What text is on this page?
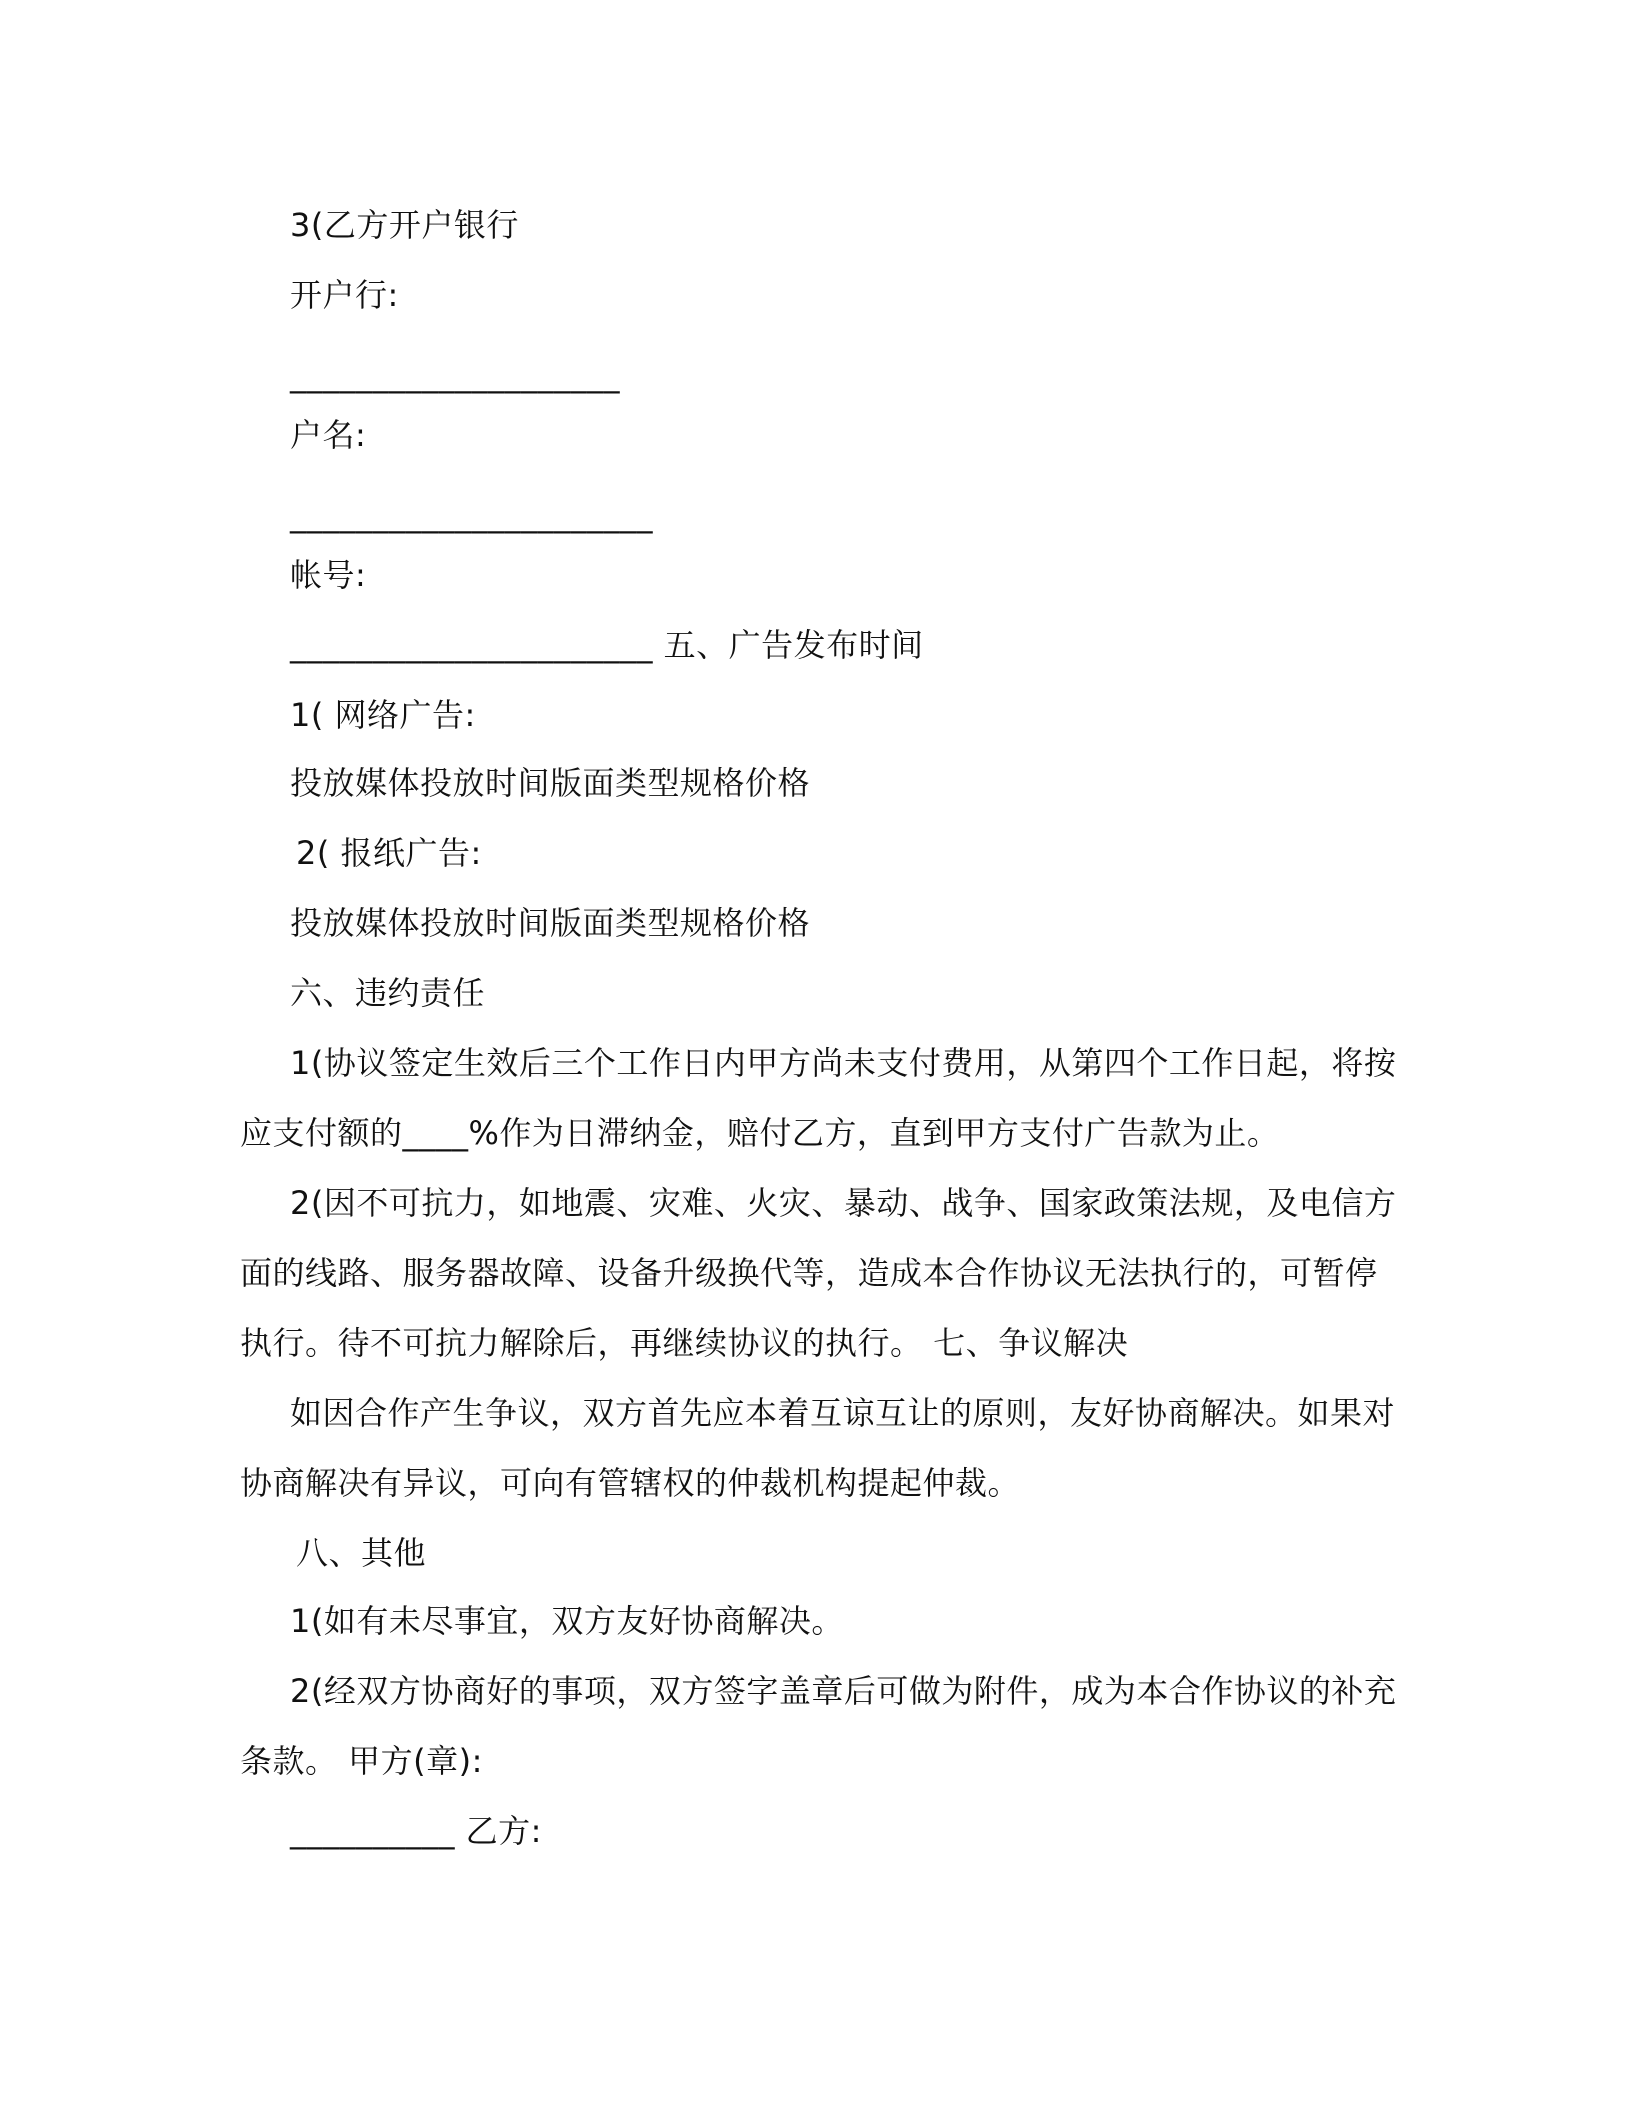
3(乙方开户银行
开户行:
____________________
户名:
______________________
帐号:
______________________ 五、广告发布时间
1( 网络广告:
投放媒体投放时间版面类型规格价格
2( 报纸广告:
投放媒体投放时间版面类型规格价格
六、违约责任
1(协议签定生效后三个工作日内甲方尚未支付费用，从第四个工作日起，将按
应支付额的____%作为日滞纳金，赔付乙方，直到甲方支付广告款为止。
2(因不可抗力，如地震、灾难、火灾、暴动、战争、国家政策法规，及电信方
面的线路、服务器故障、设备升级换代等，造成本合作协议无法执行的，可暂停
执行。待不可抗力解除后，再继续协议的执行。 七、争议解决
如因合作产生争议，双方首先应本着互谅互让的原则，友好协商解决。如果对
协商解决有异议，可向有管辖权的仲裁机构提起仲裁。
八、其他
1(如有未尽事宜，双方友好协商解决。
2(经双方协商好的事项，双方签字盖章后可做为附件，成为本合作协议的补充
条款。 甲方(章):
__________ 乙方:
